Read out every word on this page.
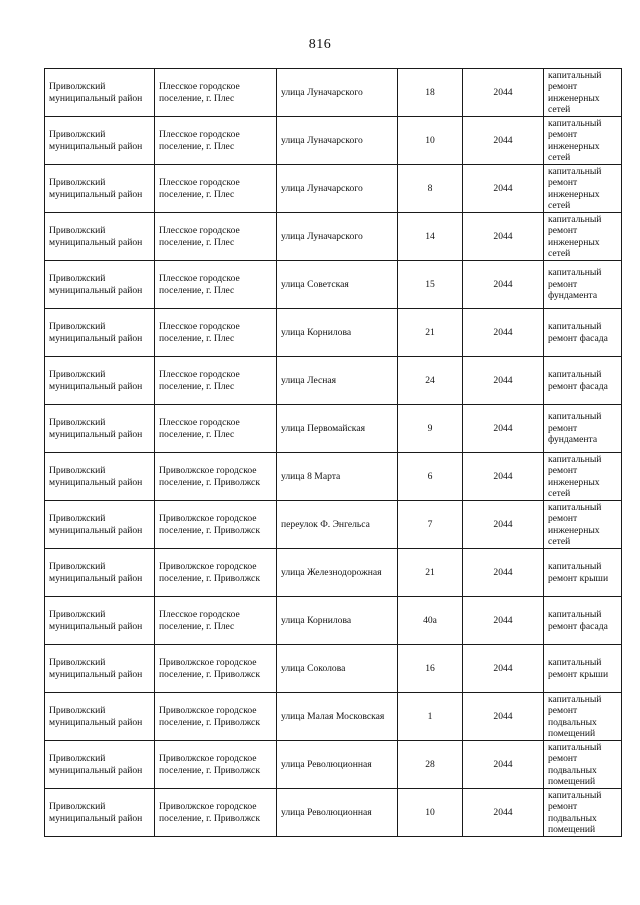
816
Приволжский муниципальный район	Плесское городское поселение, г. Плес	улица Луначарского	18	2044	капитальный ремонт инженерных сетей
Приволжский муниципальный район	Плесское городское поселение, г. Плес	улица Луначарского	10	2044	капитальный ремонт инженерных сетей
Приволжский муниципальный район	Плесское городское поселение, г. Плес	улица Луначарского	8	2044	капитальный ремонт инженерных сетей
Приволжский муниципальный район	Плесское городское поселение, г. Плес	улица Луначарского	14	2044	капитальный ремонт инженерных сетей
Приволжский муниципальный район	Плесское городское поселение, г. Плес	улица Советская	15	2044	капитальный ремонт фундамента
Приволжский муниципальный район	Плесское городское поселение, г. Плес	улица Корнилова	21	2044	капитальный ремонт фасада
Приволжский муниципальный район	Плесское городское поселение, г. Плес	улица Лесная	24	2044	капитальный ремонт фасада
Приволжский муниципальный район	Плесское городское поселение, г. Плес	улица Первомайская	9	2044	капитальный ремонт фундамента
Приволжский муниципальный район	Приволжское городское поселение, г. Приволжск	улица 8 Марта	6	2044	капитальный ремонт инженерных сетей
Приволжский муниципальный район	Приволжское городское поселение, г. Приволжск	переулок Ф. Энгельса	7	2044	капитальный ремонт инженерных сетей
Приволжский муниципальный район	Приволжское городское поселение, г. Приволжск	улица Железнодорожная	21	2044	капитальный ремонт крыши
Приволжский муниципальный район	Плесское городское поселение, г. Плес	улица Корнилова	40а	2044	капитальный ремонт фасада
Приволжский муниципальный район	Приволжское городское поселение, г. Приволжск	улица Соколова	16	2044	капитальный ремонт крыши
Приволжский муниципальный район	Приволжское городское поселение, г. Приволжск	улица Малая Московская	1	2044	капитальный ремонт подвальных помещений
Приволжский муниципальный район	Приволжское городское поселение, г. Приволжск	улица Революционная	28	2044	капитальный ремонт подвальных помещений
Приволжский муниципальный район	Приволжское городское поселение, г. Приволжск	улица Революционная	10	2044	капитальный ремонт подвальных помещений
